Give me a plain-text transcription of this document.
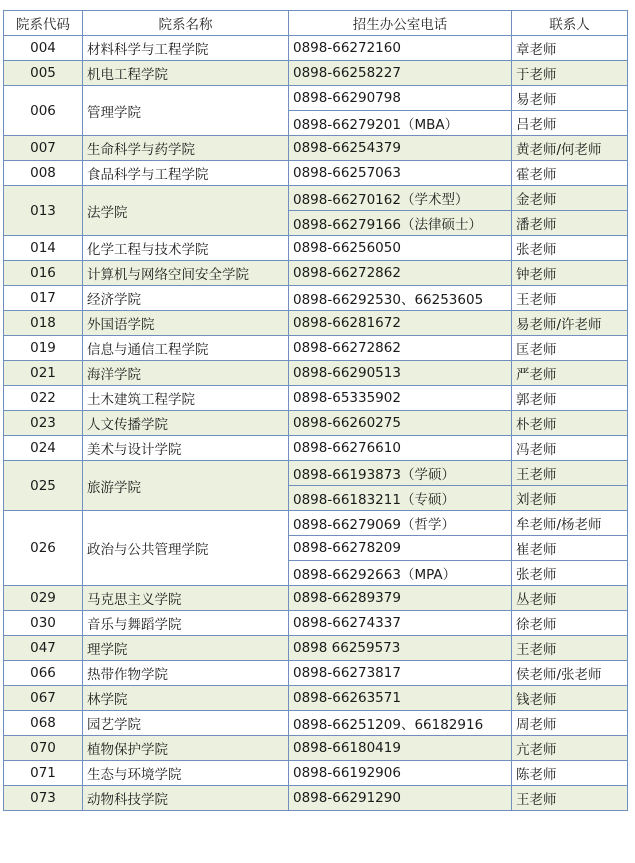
院系代码	院系名称	招生办公室电话	联系人
004	材料科学与工程学院	0898-66272160	章老师
005	机电工程学院	0898-66258227	于老师
006	管理学院	0898-66290798	易老师
		0898-66279201（MBA）	吕老师
007	生命科学与药学院	0898-66254379	黄老师/何老师
008	食品科学与工程学院	0898-66257063	霍老师
013	法学院	0898-66270162（学术型）	金老师
		0898-66279166（法律硕士）	潘老师
014	化学工程与技术学院	0898-66256050	张老师
016	计算机与网络空间安全学院	0898-66272862	钟老师
017	经济学院	0898-66292530、66253605	王老师
018	外国语学院	0898-66281672	易老师/许老师
019	信息与通信工程学院	0898-66272862	匡老师
021	海洋学院	0898-66290513	严老师
022	土木建筑工程学院	0898-65335902	郭老师
023	人文传播学院	0898-66260275	朴老师
024	美术与设计学院	0898-66276610	冯老师
025	旅游学院	0898-66193873（学硕）	王老师
		0898-66183211（专硕）	刘老师
026	政治与公共管理学院	0898-66279069（哲学）	牟老师/杨老师
		0898-66278209	崔老师
		0898-66292663（MPA）	张老师
029	马克思主义学院	0898-66289379	丛老师
030	音乐与舞蹈学院	0898-66274337	徐老师
047	理学院	0898 66259573	王老师
066	热带作物学院	0898-66273817	侯老师/张老师
067	林学院	0898-66263571	钱老师
068	园艺学院	0898-66251209、66182916	周老师
070	植物保护学院	0898-66180419	亢老师
071	生态与环境学院	0898-66192906	陈老师
073	动物科技学院	0898-66291290	王老师
